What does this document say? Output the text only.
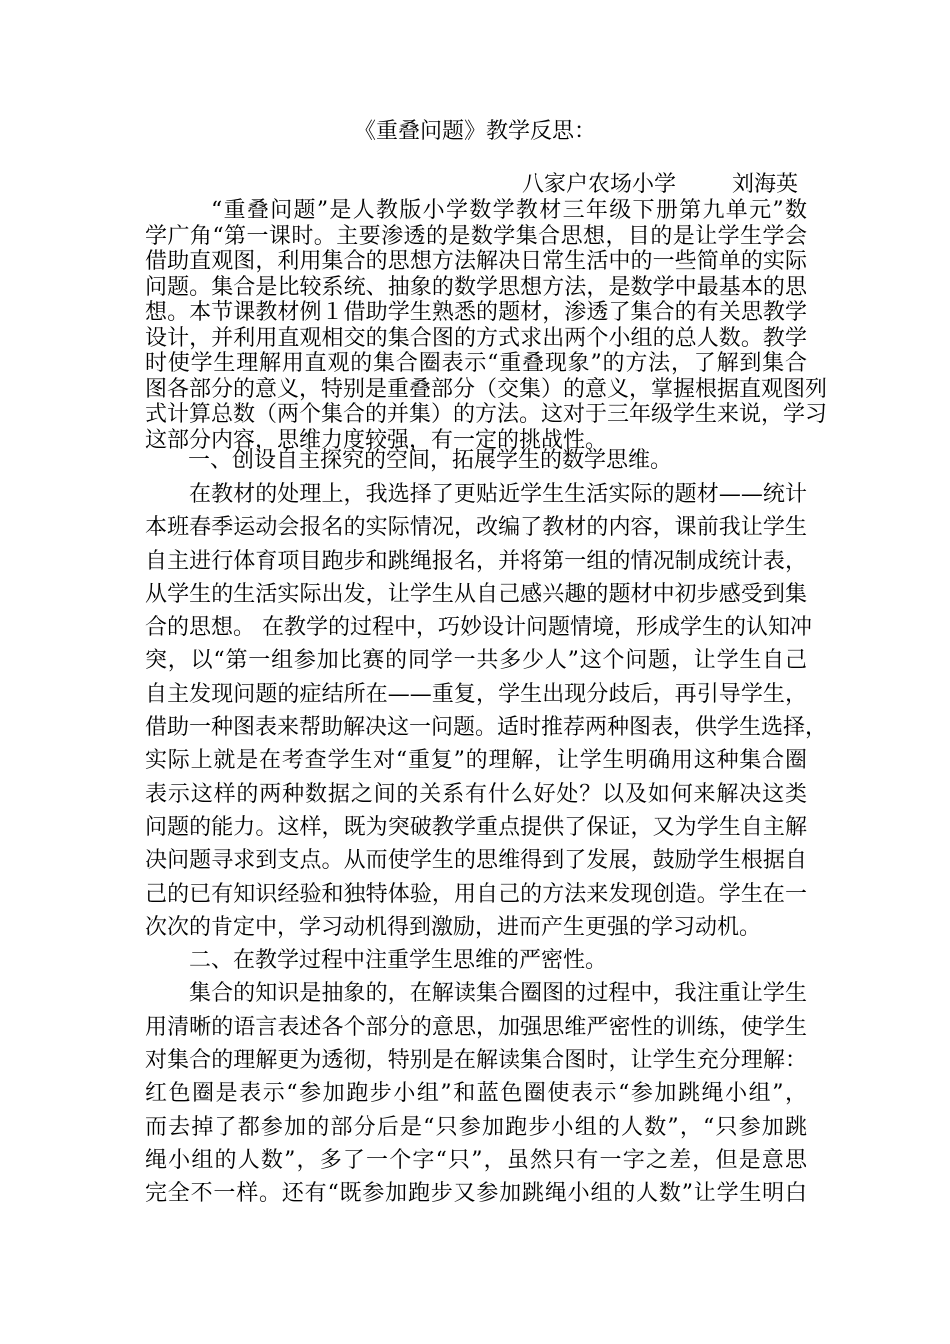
《重叠问题》教学反思：
八家户农场小学	刘海英
“重叠问题”是人教版小学数学教材三年级下册第九单元”数
学广角“第一课时。主要渗透的是数学集合思想，目的是让学生学会
借助直观图，利用集合的思想方法解决日常生活中的一些简单的实际
问题。集合是比较系统、抽象的数学思想方法，是数学中最基本的思
想。本节课教材例１借助学生熟悉的题材，渗透了集合的有关思教学
设计，并利用直观相交的集合图的方式求出两个小组的总人数。教学
时使学生理解用直观的集合圈表示“重叠现象”的方法，了解到集合
图各部分的意义，特别是重叠部分（交集）的意义，掌握根据直观图列
式计算总数（两个集合的并集）的方法。这对于三年级学生来说，学习
这部分内容，思维力度较强，有一定的挑战性。
一、创设自主探究的空间，拓展学生的数学思维。
在教材的处理上，我选择了更贴近学生生活实际的题材——统计
本班春季运动会报名的实际情况，改编了教材的内容，课前我让学生
自主进行体育项目跑步和跳绳报名，并将第一组的情况制成统计表，
从学生的生活实际出发，让学生从自己感兴趣的题材中初步感受到集
合的思想。 在教学的过程中，巧妙设计问题情境，形成学生的认知冲
突，以“第一组参加比赛的同学一共多少人”这个问题，让学生自己
自主发现问题的症结所在——重复，学生出现分歧后，再引导学生，
借助一种图表来帮助解决这一问题。适时推荐两种图表，供学生选择，
实际上就是在考查学生对“重复”的理解，让学生明确用这种集合圈
表示这样的两种数据之间的关系有什么好处？以及如何来解决这类
问题的能力。这样，既为突破教学重点提供了保证，又为学生自主解
决问题寻求到支点。从而使学生的思维得到了发展，鼓励学生根据自
己的已有知识经验和独特体验，用自己的方法来发现创造。学生在一
次次的肯定中，学习动机得到激励，进而产生更强的学习动机。
二、在教学过程中注重学生思维的严密性。
集合的知识是抽象的，在解读集合圈图的过程中，我注重让学生
用清晰的语言表述各个部分的意思，加强思维严密性的训练，使学生
对集合的理解更为透彻，特别是在解读集合图时，让学生充分理解：
红色圈是表示“参加跑步小组”和蓝色圈使表示“参加跳绳小组”，
而去掉了都参加的部分后是“只参加跑步小组的人数”，“只参加跳
绳小组的人数”，多了一个字“只”，虽然只有一字之差，但是意思
完全不一样。还有“既参加跑步又参加跳绳小组的人数”让学生明白
